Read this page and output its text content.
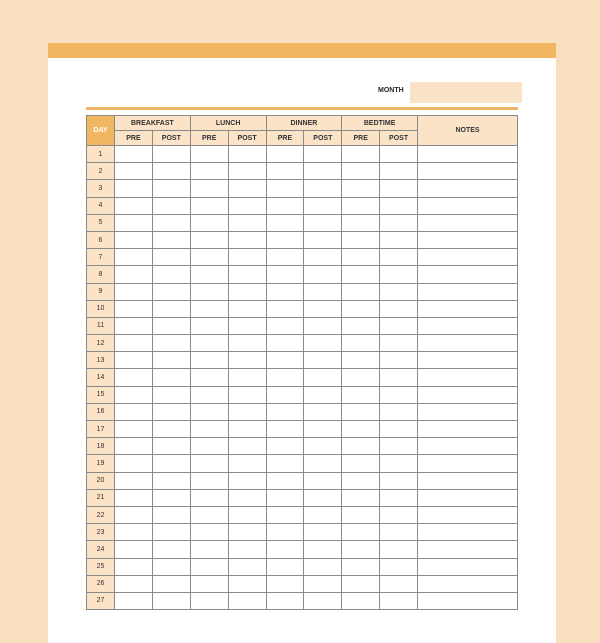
MONTH
DAY	BREAKFAST		LUNCH		DINNER		BEDTIME		NOTES
	PRE	POST	PRE	POST	PRE	POST	PRE	POST	
1									
2									
3									
4									
5									
6									
7									
8									
9									
10									
11									
12									
13									
14									
15									
16									
17									
18									
19									
20									
21									
22									
23									
24									
25									
26									
27									
